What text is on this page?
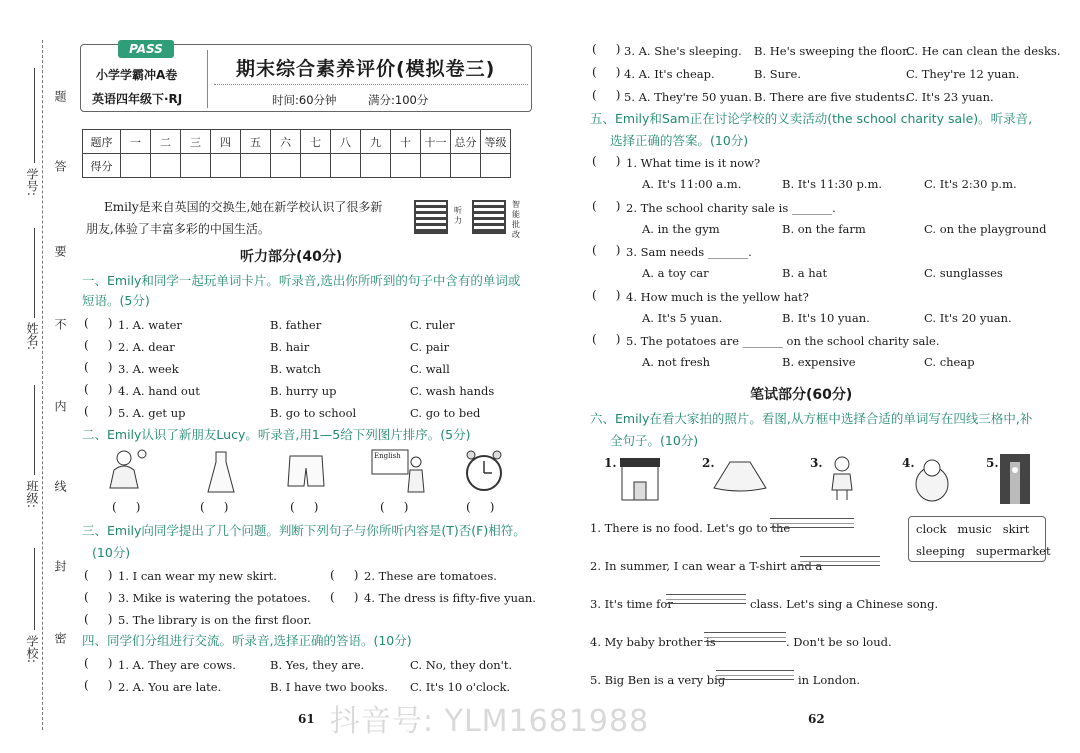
题
答
要
不
内
线
封
密
学号:
姓名:
班级:
学校:
PASS
小学学霸冲A卷
英语四年级下·RJ
期末综合素养评价(模拟卷三)
时间:60分钟	满分:100分
题序	一	二	三	四	五	六	七	八	九	十	十一	总分	等级
得分													
Emily是来自英国的交换生,她在新学校认识了很多新
朋友,体验了丰富多彩的中国生活。
听力
智能批改
听力部分(40分)
一、Emily和同学一起玩单词卡片。听录音,选出你所听到的句子中含有的单词或
短语。(5分)
(     ) 1. A. water	B. father	C. ruler
(     ) 2. A. dear	B. hair	C. pair
(     ) 3. A. week	B. watch	C. wall
(     ) 4. A. hand out	B. hurry up	C. wash hands
(     ) 5. A. get up	B. go to school	C. go to bed
二、Emily认识了新朋友Lucy。听录音,用1—5给下列图片排序。(5分)
English
(     )	(     )	(     )	(     )	(     )
三、Emily向同学提出了几个问题。判断下列句子与你所听内容是(T)否(F)相符。
(10分)
(     ) 1. I can wear my new skirt.	(     ) 2. These are tomatoes.
(     ) 3. Mike is watering the potatoes. (     ) 4. The dress is fifty-five yuan.
(     ) 5. The library is on the first floor.
四、同学们分组进行交流。听录音,选择正确的答语。(10分)
(     ) 1. A. They are cows.	B. Yes, they are.	C. No, they don't.
(     ) 2. A. You are late.	B. I have two books. C. It's 10 o'clock.
(     ) 3. A. She's sleeping. B. He's sweeping the floor.
C. He can clean the desks.
(     ) 4. A. It's cheap.	B. Sure.	C. They're 12 yuan.
(     ) 5. A. They're 50 yuan. B. There are five students.
C. It's 23 yuan.
五、Emily和Sam正在讨论学校的义卖活动(the school charity sale)。听录音,
选择正确的答案。(10分)
(     ) 1. What time is it now?
A. It's 11:00 a.m.	B. It's 11:30 p.m.	C. It's 2:30 p.m.
(     ) 2. The school charity sale is _______.
A. in the gym	B. on the farm	C. on the playground
(     ) 3. Sam needs _______.
A. a toy car	B. a hat	C. sunglasses
(     ) 4. How much is the yellow hat?
A. It's 5 yuan.	B. It's 10 yuan.	C. It's 20 yuan.
(     ) 5. The potatoes are _______ on the school charity sale.
A. not fresh	B. expensive	C. cheap
笔试部分(60分)
六、Emily在看大家拍的照片。看图,从方框中选择合适的单词写在四线三格中,补
全句子。(10分)
1.	2.	3.	4.	5.
clock   music   skirt
sleeping   supermarket
1. There is no food. Let's go to the
2. In summer, I can wear a T-shirt and a
3. It's time for	class. Let's sing a Chinese song.
4. My baby brother is	. Don't be so loud.
5. Big Ben is a very big	in London.
61	62
抖音号: YLM1681988
